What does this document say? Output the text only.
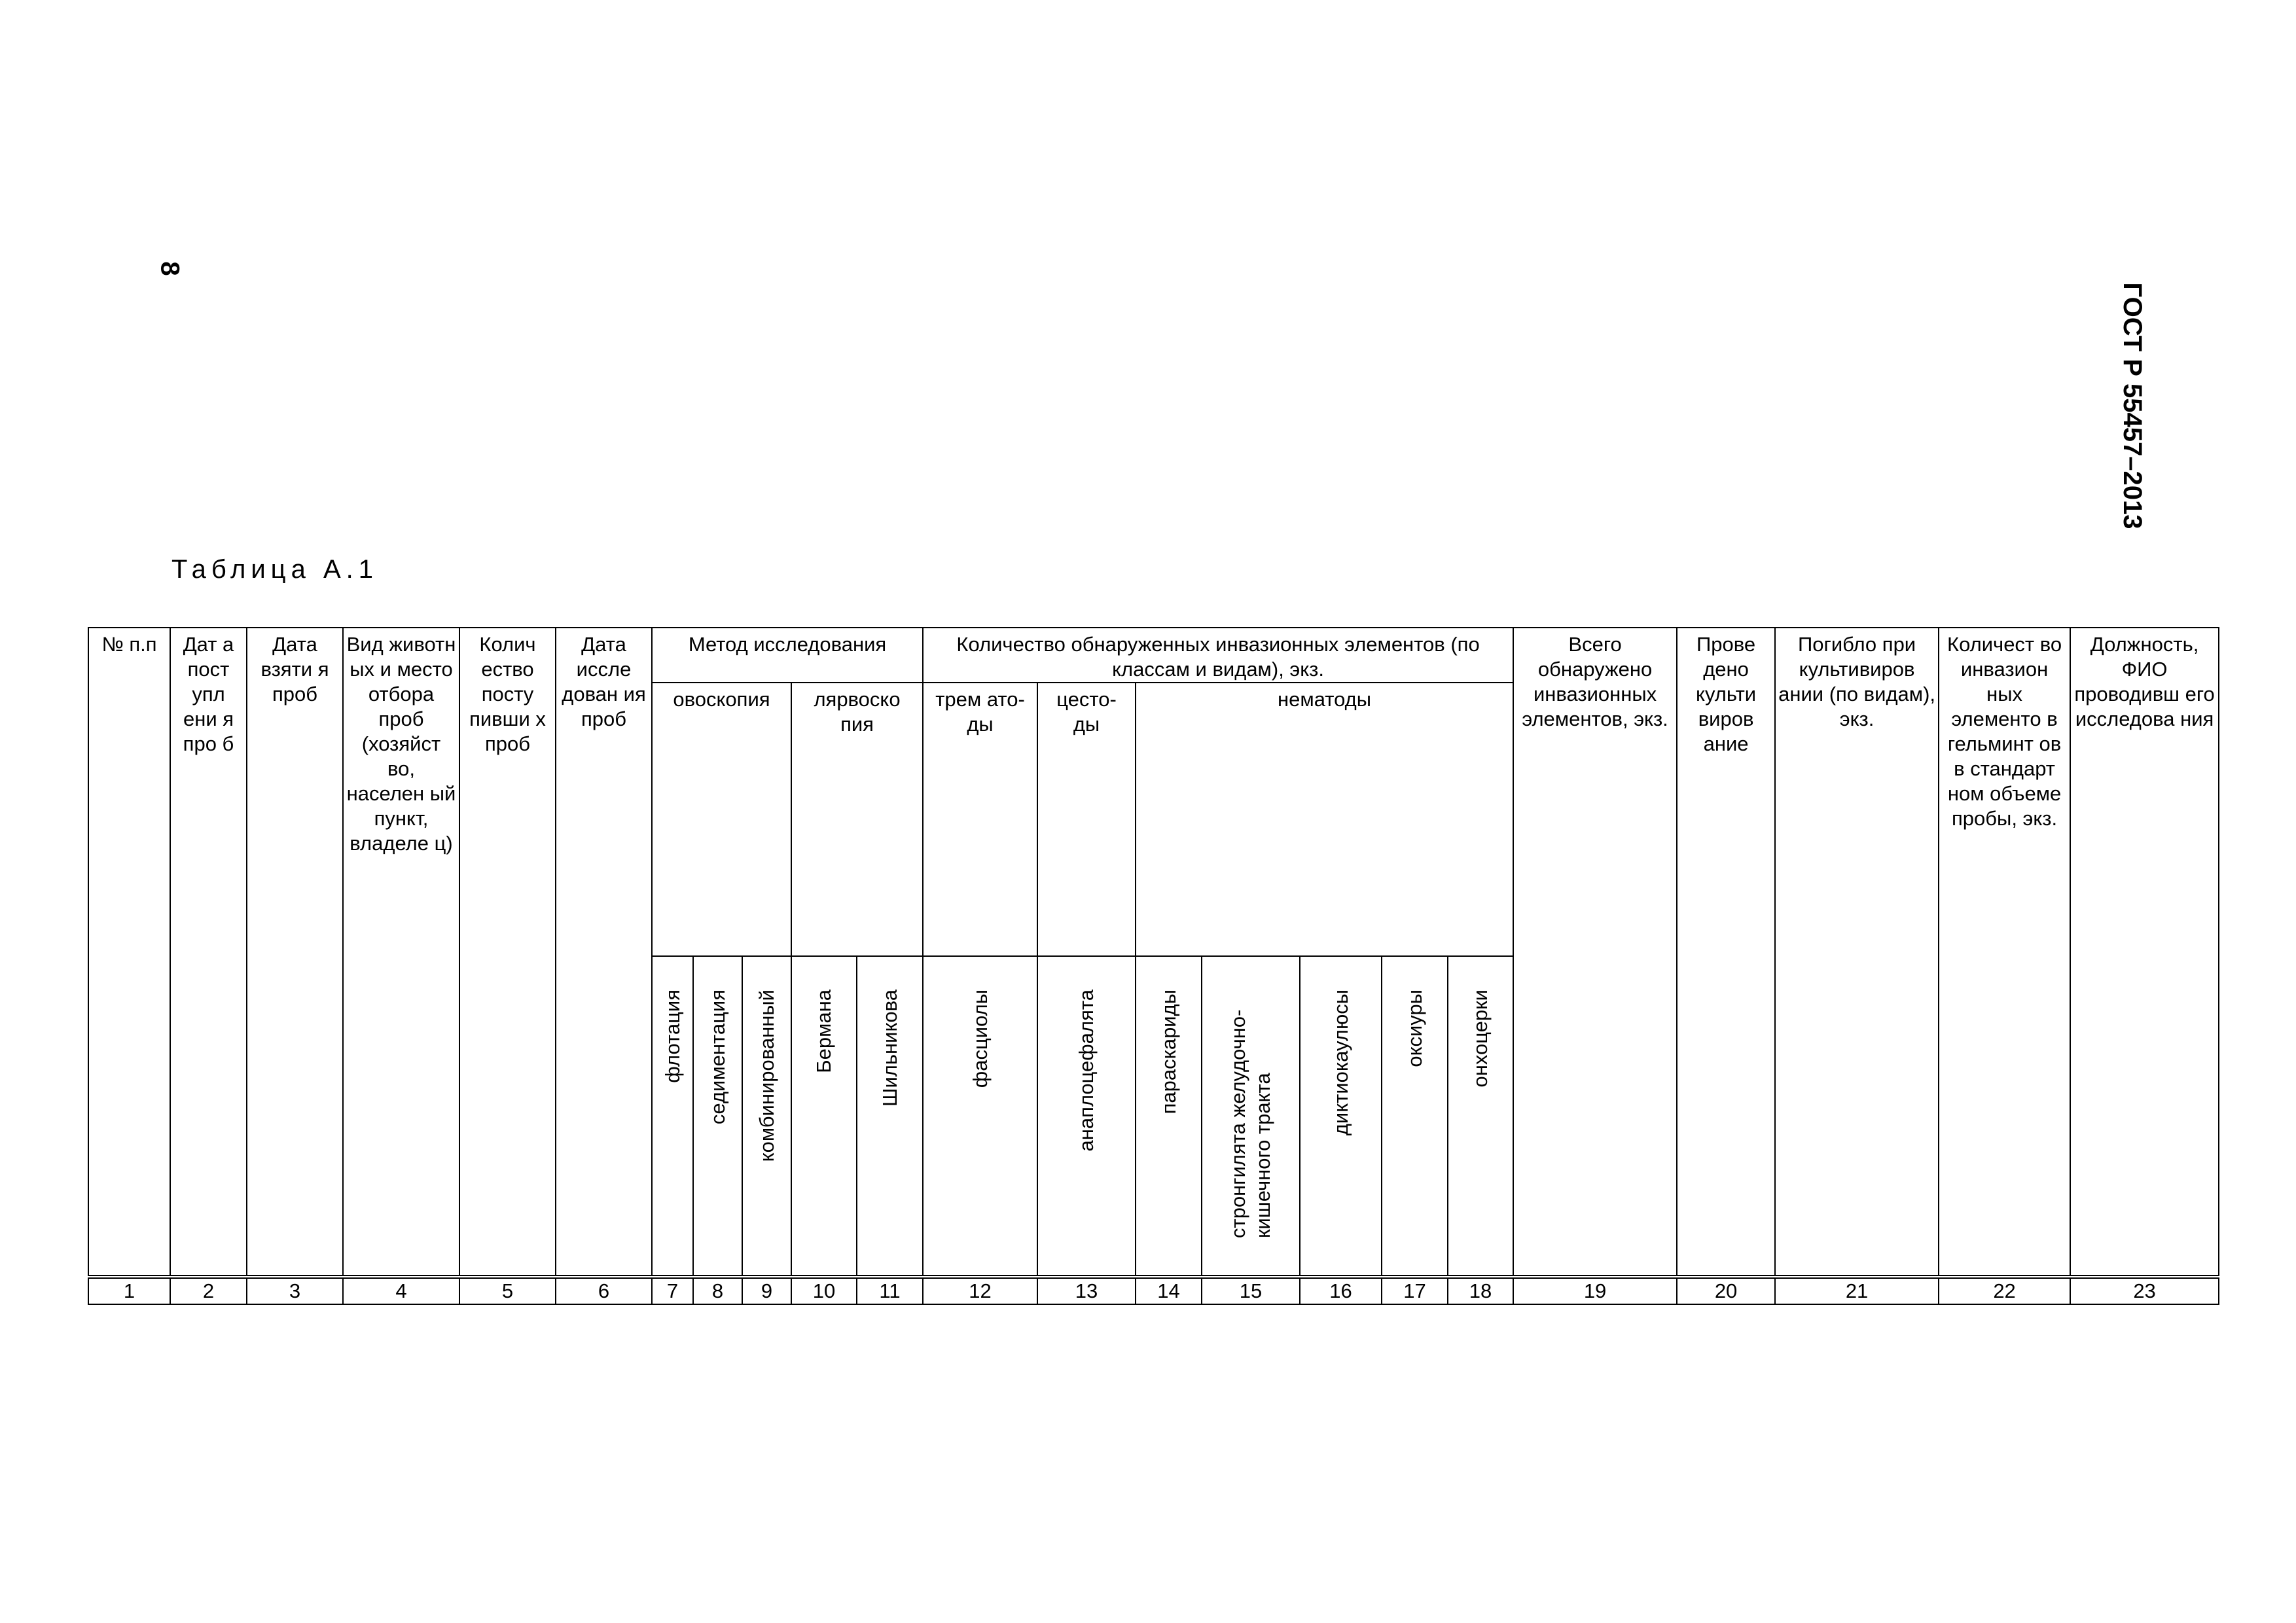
8
ГОСТ Р 55457–2013
Таблица А.1
№ п.п	Дат а пост упл ени я про б	Дата взяти я проб	Вид животн ых и место отбора проб (хозяйст во, населен ый пункт, владеле ц)	Колич ество посту пивши х проб	Дата иссле дован ия проб	Метод исследования					Количество обнаруженных инвазионных элементов (по классам и видам), экз.							Всего обнаружено инвазионных элементов, экз.	Прове дено культи виров ание	Погибло при культивиров ании (по видам), экз.	Количест во инвазион ных элементо в гельминт ов в стандарт ном объеме пробы, экз.	Должность, ФИО проводивш его исследова ния
						овоскопия			лярвоско пия		трем ато- ды	цесто- ды	нематоды									
						флотация	седиментация	комбинированный	Бермана	Шильникова	фасциолы	анаплоцефалята	параскариды	стронгилята желудочно-кишечного тракта	диктиокаулюсы	оксиуры	онхоцерки					
1	2	3	4	5	6	7	8	9	10	11	12	13	14	15	16	17	18	19	20	21	22	23
